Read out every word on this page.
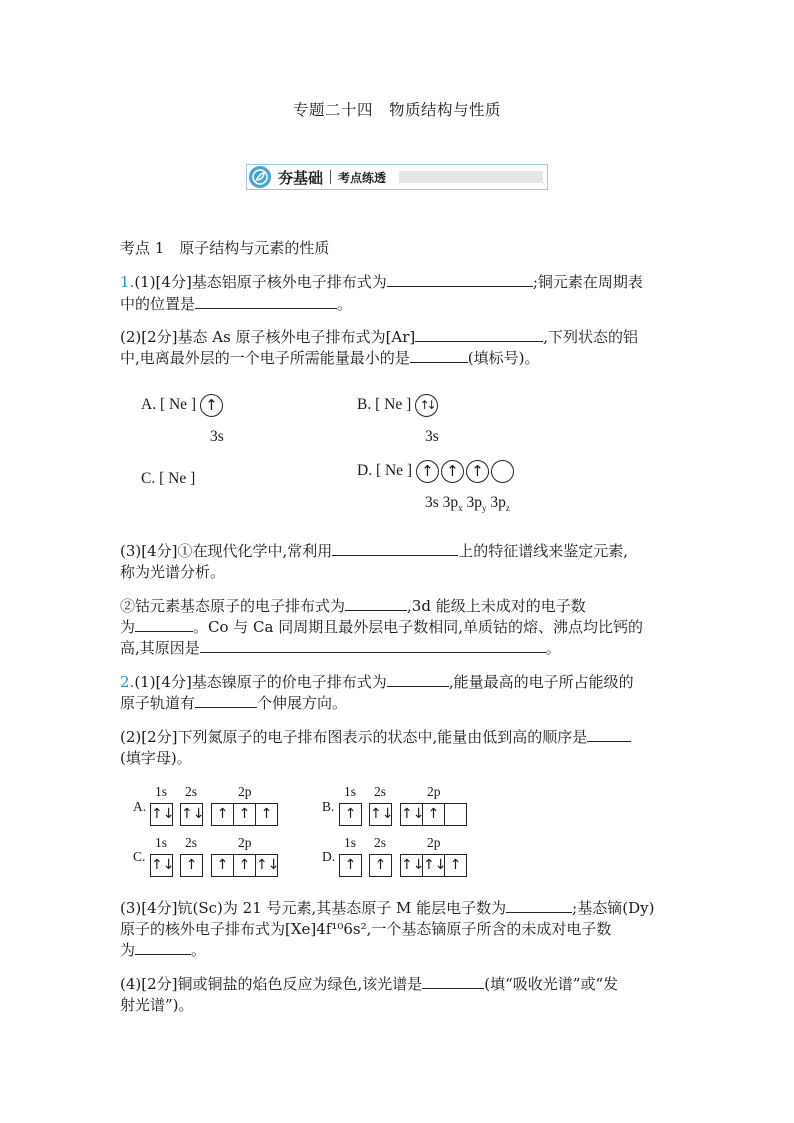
专题二十四　物质结构与性质
夯基础 考点练透
考点 1　原子结构与元素的性质
1.(1)[4分]基态铝原子核外电子排布式为	;铜元素在周期表
中的位置是	。
(2)[2分]基态 As 原子核外电子排布式为[Ar]	,下列状态的铝
中,电离最外层的一个电子所需能量最小的是	(填标号)。
A. [ Ne ] ↑
3s
B. [ Ne ] ↑↓
3s
C. [ Ne ]	D. [ Ne ] ↑ ↑ ↑
3s $3p_x$ $3p_y$ $3p_z$
(3)[4分]①在现代化学中,常利用	上的特征谱线来鉴定元素,
称为光谱分析。
②钴元素基态原子的电子排布式为	,3d 能级上未成对的电子数
为	。Co 与 Ca 同周期且最外层电子数相同,单质钴的熔、沸点均比钙的
高,其原因是	。
2.(1)[4分]基态镍原子的价电子排布式为	,能量最高的电子所占能级的
原子轨道有	个伸展方向。
(2)[2分]下列氮原子的电子排布图表示的状态中,能量由低到高的顺序是
(填字母)。
1s 2s	2p
A. ↑↓ ↑↓ ↑ ↑ ↑
1s 2s	2p
B. ↑ ↑↓ ↑↓ ↑
1s 2s	2p
C.
↑↓ ↑	↑ ↑ ↑↓
1s 2s	2p
D.
↑	↑	↑↓
↑↓ ↑
(3)[4分]钪(Sc)为 21 号元素,其基态原子 M 能层电子数为	;基态镝(Dy)
原子的核外电子排布式为[Xe]4f¹⁰6s²,一个基态镝原子所含的未成对电子数
为	。
(4)[2分]铜或铜盐的焰色反应为绿色,该光谱是	(填“吸收光谱”或“发
射光谱”)。
